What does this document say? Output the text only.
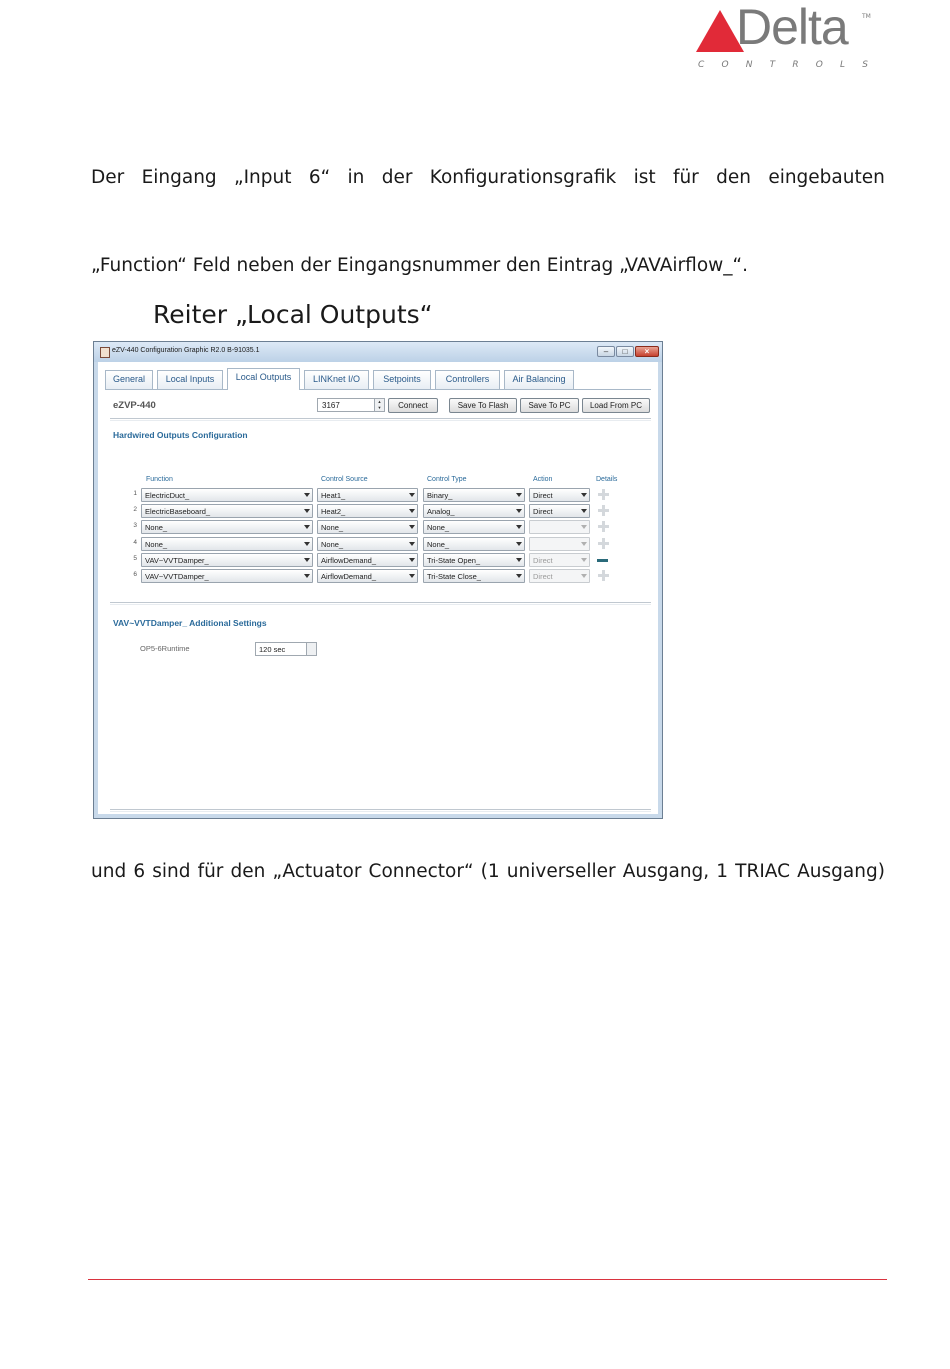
Delta TM
C O N T R O L S
Der Eingang „Input 6“ in der Konfigurationsgrafik ist für den eingebauten
„Function“ Feld neben der Eingangsnummer den Eintrag „VAVAirflow_“.
Reiter „Local Outputs“
eZV-440 Configuration Graphic R2.0 B-91035.1	–	□	×
General	Local Inputs	Local Outputs	LINKnet I/O	Setpoints	Controllers	Air Balancing
eZVP-440	3167	▲
▼	Connect	Save To Flash	Save To PC	Load From PC
Hardwired Outputs Configuration
Function	Control Source	Control Type	Action	Details
1 ElectricDuct_	Heat1_	Binary_	Direct
2 ElectricBaseboard_	Heat2_	Analog_	Direct
3 None_	None_	None_
4 None_	None_	None_
5 VAV~VVTDamper_	AirflowDemand_	Tri-State Open_	Direct
6 VAV~VVTDamper_	AirflowDemand_	Tri-State Close_	Direct
VAV~VVTDamper_ Additional Settings
OP5-6Runtime	120 sec
und 6 sind für den „Actuator Connector“ (1 universeller Ausgang, 1 TRIAC Ausgang)
